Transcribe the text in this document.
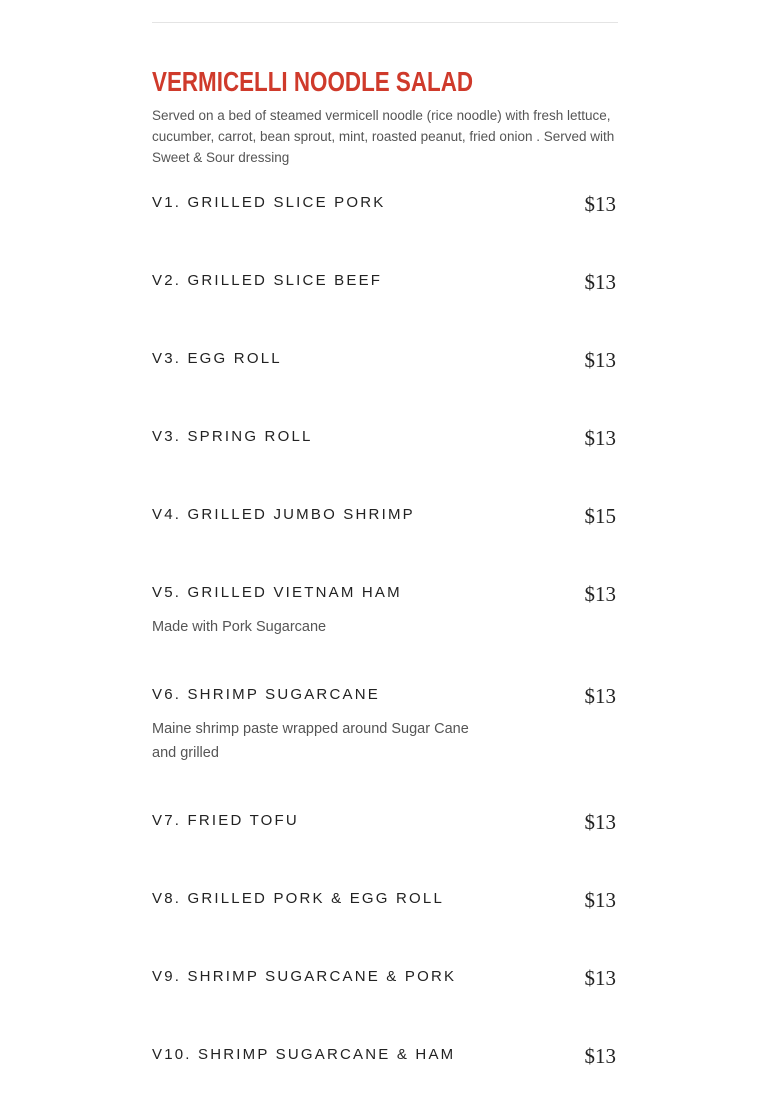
VERMICELLI NOODLE SALAD

Served on a bed of steamed vermicell noodle (rice noodle) with fresh lettuce, cucumber, carrot, bean sprout, mint, roasted peanut, fried onion . Served with Sweet & Sour dressing

V1. GRILLED SLICE PORK	$13
V2. GRILLED SLICE BEEF	$13
V3. EGG ROLL	$13
V3. SPRING ROLL	$13
V4. GRILLED JUMBO SHRIMP	$15
V5. GRILLED VIETNAM HAM	$13
Made with Pork Sugarcane
V6. SHRIMP SUGARCANE	$13
Maine shrimp paste wrapped around Sugar Cane and grilled
V7. FRIED TOFU	$13
V8. GRILLED PORK & EGG ROLL	$13
V9. SHRIMP SUGARCANE & PORK	$13
V10. SHRIMP SUGARCANE & HAM	$13
